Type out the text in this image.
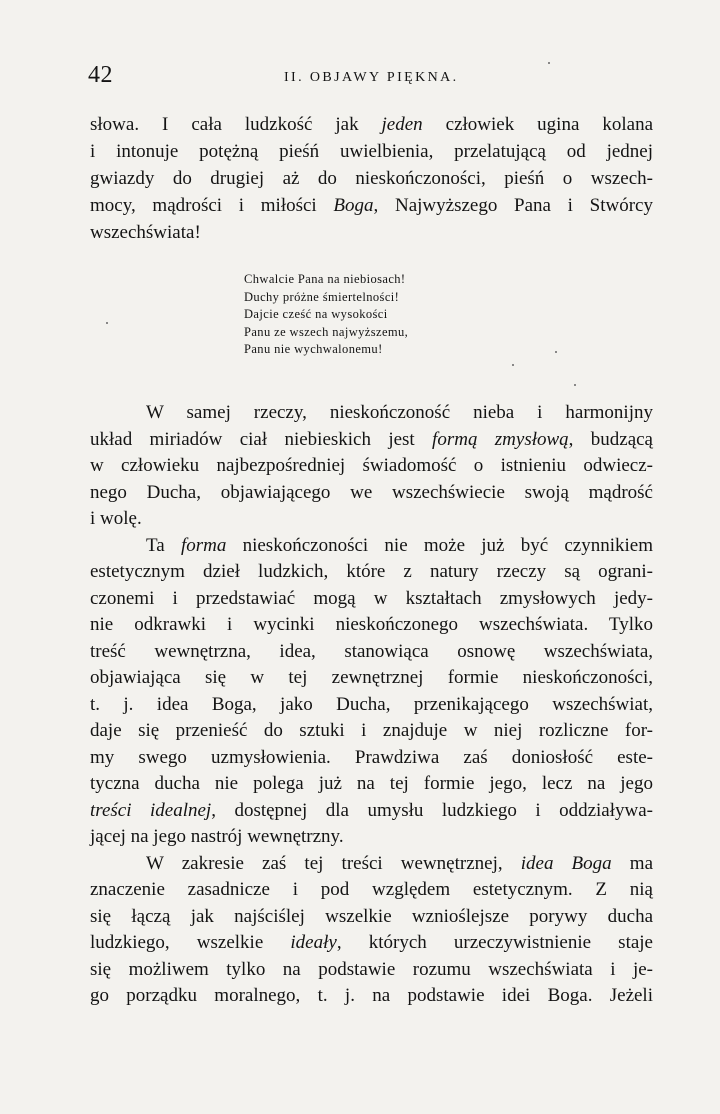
42	II. OBJAWY PIĘKNA.
słowa. I cała ludzkość jak jeden człowiek ugina kolana
i intonuje potężną pieśń uwielbienia, przelatującą od jednej
gwiazdy do drugiej aż do nieskończoności, pieśń o wszech-
mocy, mądrości i miłości Boga, Najwyższego Pana i Stwórcy
wszechświata!
Chwalcie Pana na niebiosach!
Duchy próżne śmiertelności!
Dajcie cześć na wysokości
Panu ze wszech najwyższemu,
Panu nie wychwalonemu!
W samej rzeczy, nieskończoność nieba i harmonijny
układ miriadów ciał niebieskich jest formą zmysłową, budzącą
w człowieku najbezpośredniej świadomość o istnieniu odwiecz-
nego Ducha, objawiającego we wszechświecie swoją mądrość
i wolę.
Ta forma nieskończoności nie może już być czynnikiem
estetycznym dzieł ludzkich, które z natury rzeczy są ograni-
czonemi i przedstawiać mogą w kształtach zmysłowych jedy-
nie odkrawki i wycinki nieskończonego wszechświata. Tylko
treść wewnętrzna, idea, stanowiąca osnowę wszechświata,
objawiająca się w tej zewnętrznej formie nieskończoności,
t. j. idea Boga, jako Ducha, przenikającego wszechświat,
daje się przenieść do sztuki i znajduje w niej rozliczne for-
my swego uzmysłowienia. Prawdziwa zaś doniosłość este-
tyczna ducha nie polega już na tej formie jego, lecz na jego
treści idealnej, dostępnej dla umysłu ludzkiego i oddziaływa-
jącej na jego nastrój wewnętrzny.
W zakresie zaś tej treści wewnętrznej, idea Boga ma
znaczenie zasadnicze i pod względem estetycznym. Z nią
się łączą jak najściślej wszelkie wznioślejsze porywy ducha
ludzkiego, wszelkie ideały, których urzeczywistnienie staje
się możliwem tylko na podstawie rozumu wszechświata i je-
go porządku moralnego, t. j. na podstawie idei Boga. Jeżeli
